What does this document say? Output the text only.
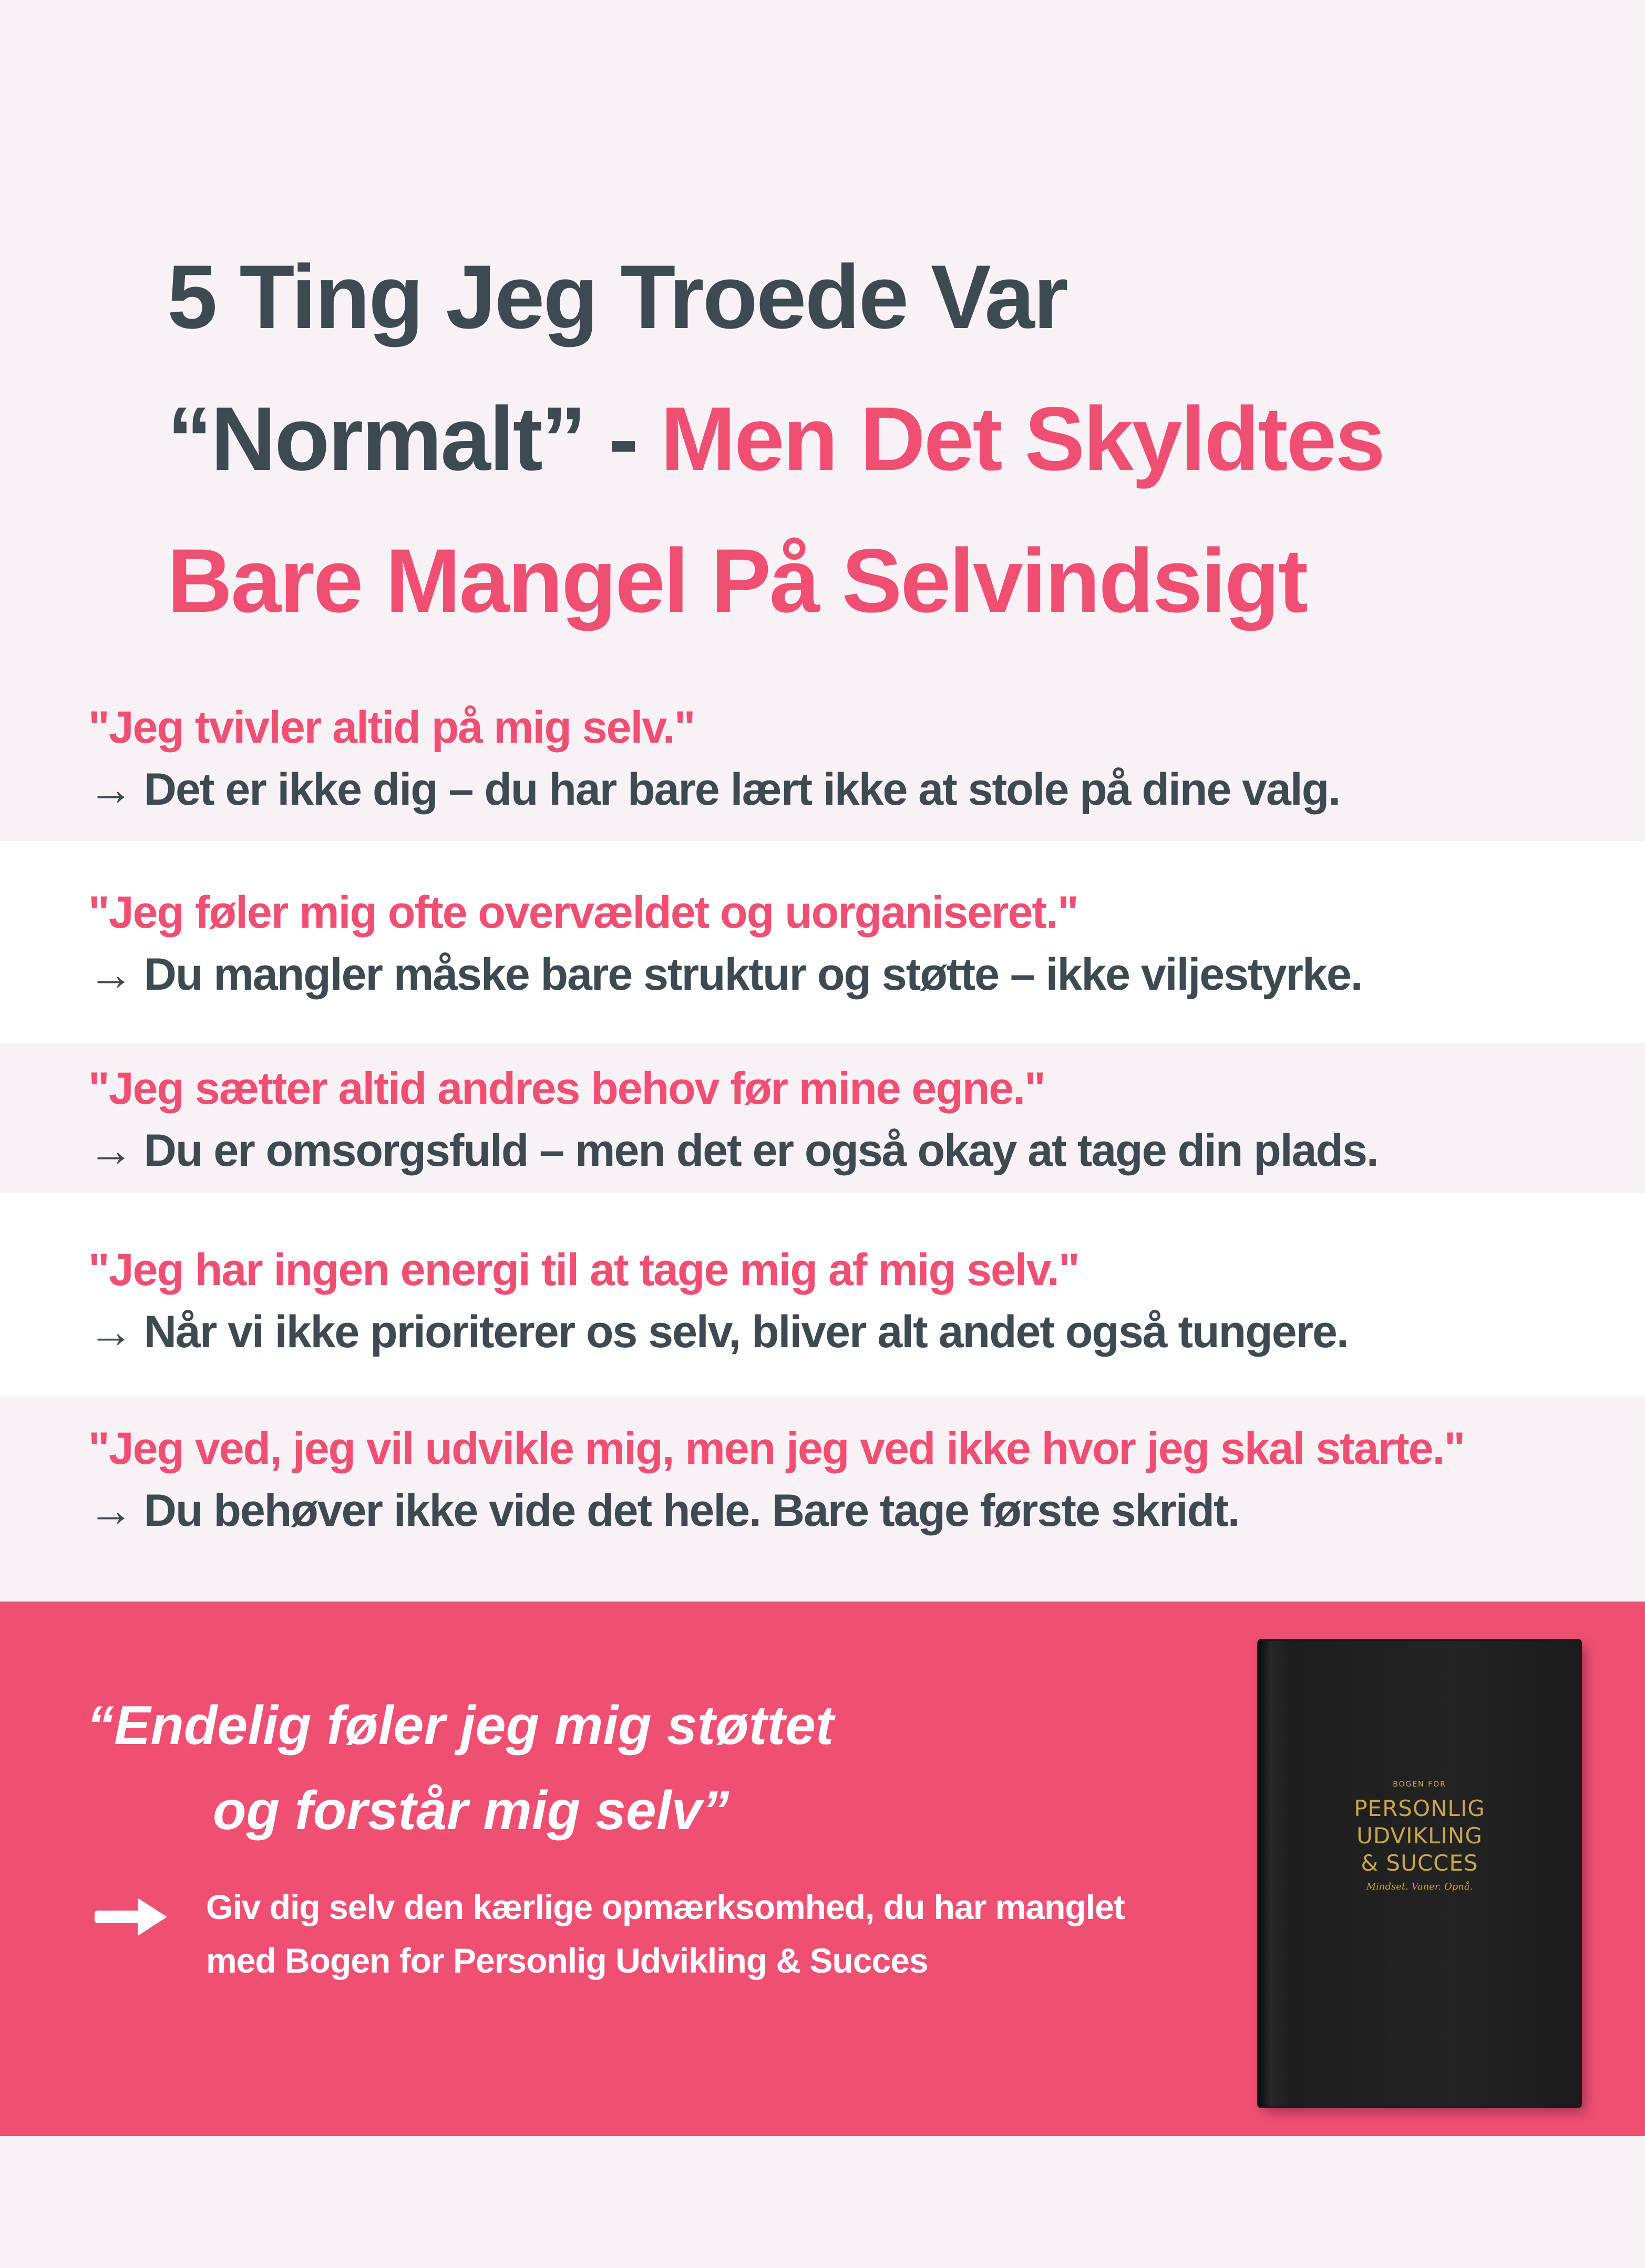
5 Ting Jeg Troede Var
“Normalt” - Men Det Skyldtes
Bare Mangel På Selvindsigt
"Jeg tvivler altid på mig selv."
→ Det er ikke dig – du har bare lært ikke at stole på dine valg.
"Jeg føler mig ofte overvældet og uorganiseret."
→ Du mangler måske bare struktur og støtte – ikke viljestyrke.
"Jeg sætter altid andres behov før mine egne."
→ Du er omsorgsfuld – men det er også okay at tage din plads.
"Jeg har ingen energi til at tage mig af mig selv."
→ Når vi ikke prioriterer os selv, bliver alt andet også tungere.
"Jeg ved, jeg vil udvikle mig, men jeg ved ikke hvor jeg skal starte."
→ Du behøver ikke vide det hele. Bare tage første skridt.

“Endelig føler jeg mig støttet
og forstår mig selv”

Giv dig selv den kærlige opmærksomhed, du har manglet
med Bogen for Personlig Udvikling & Succes

BOGEN FOR
PERSONLIG
UDVIKLING
& SUCCES
Mindset. Vaner. Opnå.
